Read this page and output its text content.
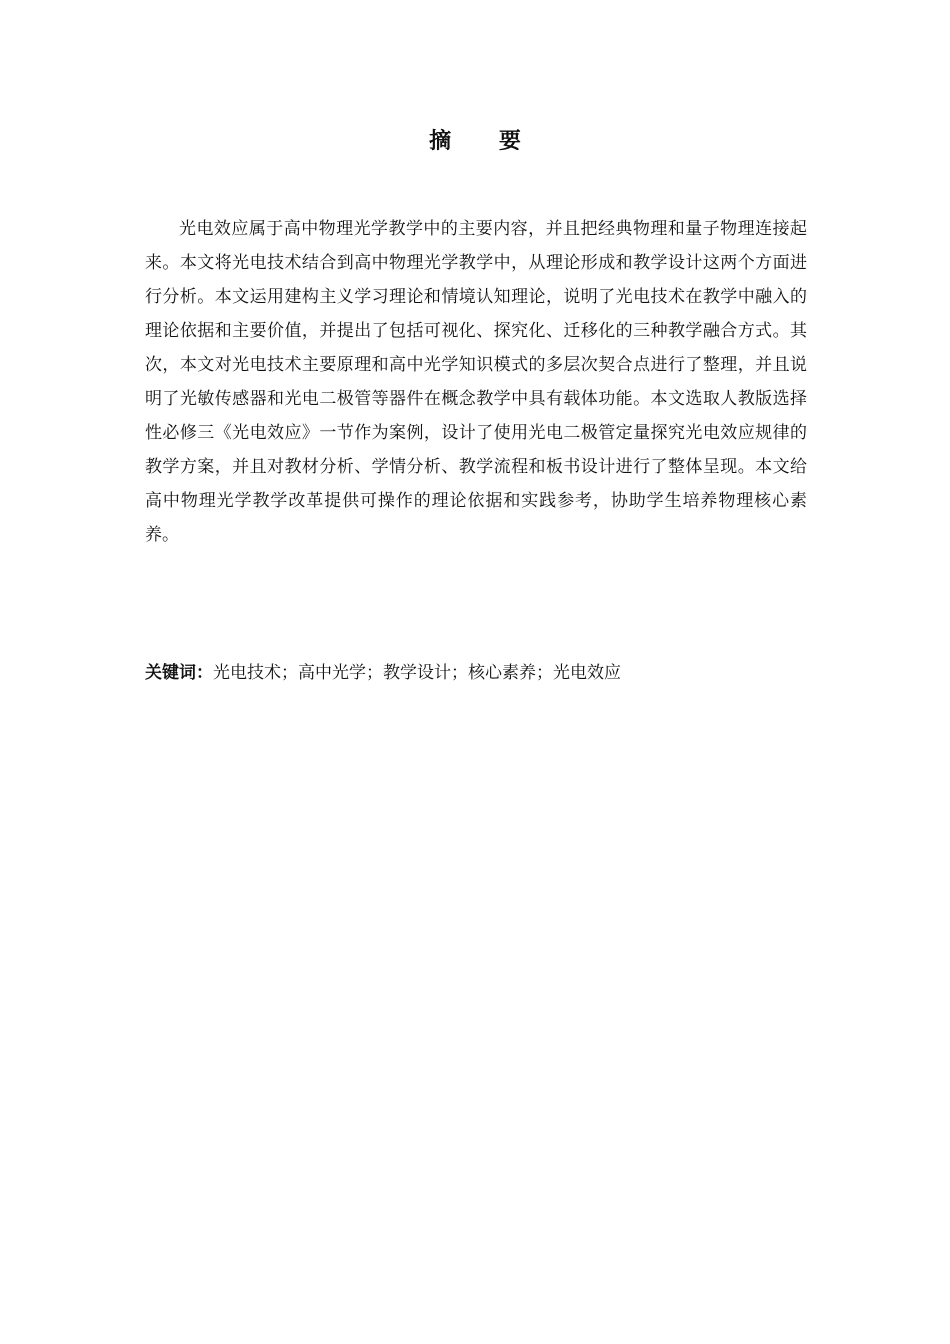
摘 要

光电效应属于高中物理光学教学中的主要内容，并且把经典物理和量子物理连接起来。本文将光电技术结合到高中物理光学教学中，从理论形成和教学设计这两个方面进行分析。本文运用建构主义学习理论和情境认知理论，说明了光电技术在教学中融入的理论依据和主要价值，并提出了包括可视化、探究化、迁移化的三种教学融合方式。其次，本文对光电技术主要原理和高中光学知识模式的多层次契合点进行了整理，并且说明了光敏传感器和光电二极管等器件在概念教学中具有载体功能。本文选取人教版选择性必修三《光电效应》一节作为案例，设计了使用光电二极管定量探究光电效应规律的教学方案，并且对教材分析、学情分析、教学流程和板书设计进行了整体呈现。本文给高中物理光学教学改革提供可操作的理论依据和实践参考，协助学生培养物理核心素养。

关键词：光电技术；高中光学；教学设计；核心素养；光电效应
